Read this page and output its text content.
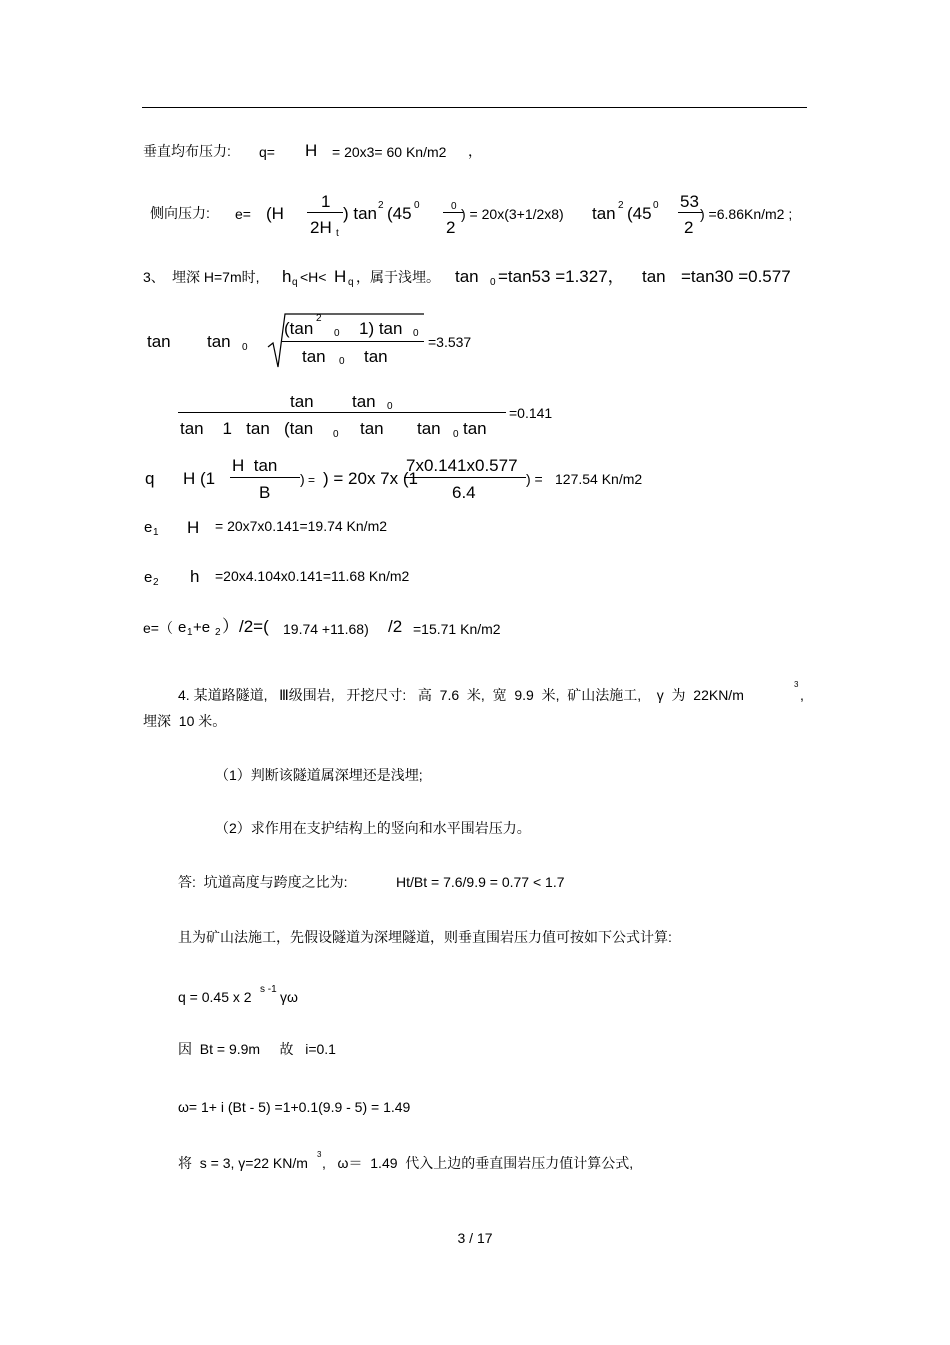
垂直均布压力: q= H = 20x3= 60 Kn/m2 ，
侧向压力: e= (H
1
2H t
) tan 2 (45 0	0
2
) = 20x(3+1/2x8) tan 2 (45 0 53
2
) =6.86Kn/m2 ;
3、 埋深 H=7m时, h q <H< H q ，属于浅埋。 tan 0 =tan53 =1.327， tan =tan30 =0.577
tan tan 0
(tan
2
0 1) tan 0
tan 0 tan
=3.537
tan tan 0
tan    1   tan   (tan 0 tan tan 0 tan
=0.141
q H (1
H  tan
B
) = ) = 20x 7x (1
7x0.141x0.577
6.4
) = 127.54 Kn/m2
e 1 H = 20x7x0.141=19.74 Kn/m2
e 2 h =20x4.104x0.141=11.68 Kn/m2
e=（ e 1 +e 2 ）/2=( 19.74 +11.68) /2 =15.71 Kn/m2
4. 某道路隧道,   Ⅲ级围岩,   开挖尺寸:   高  7.6  米,  宽  9.9  米,  矿山法施工,    γ  为  22KN/m
3
,
埋深  10 米。
（1）判断该隧道属深埋还是浅埋;
（2）求作用在支护结构上的竖向和水平围岩压力。
答:  坑道高度与跨度之比为:	Ht/Bt = 7.6/9.9 = 0.77 < 1.7
且为矿山法施工，先假设隧道为深埋隧道，则垂直围岩压力值可按如下公式计算:
q = 0.45 x 2 s -1 γω
因  Bt = 9.9m     故   i=0.1
ω= 1+ i (Bt - 5) =1+0.1(9.9 - 5) = 1.49
将  s = 3, γ=22 KN/m
3
,   ω＝  1.49  代入上边的垂直围岩压力值计算公式,
3 / 17
